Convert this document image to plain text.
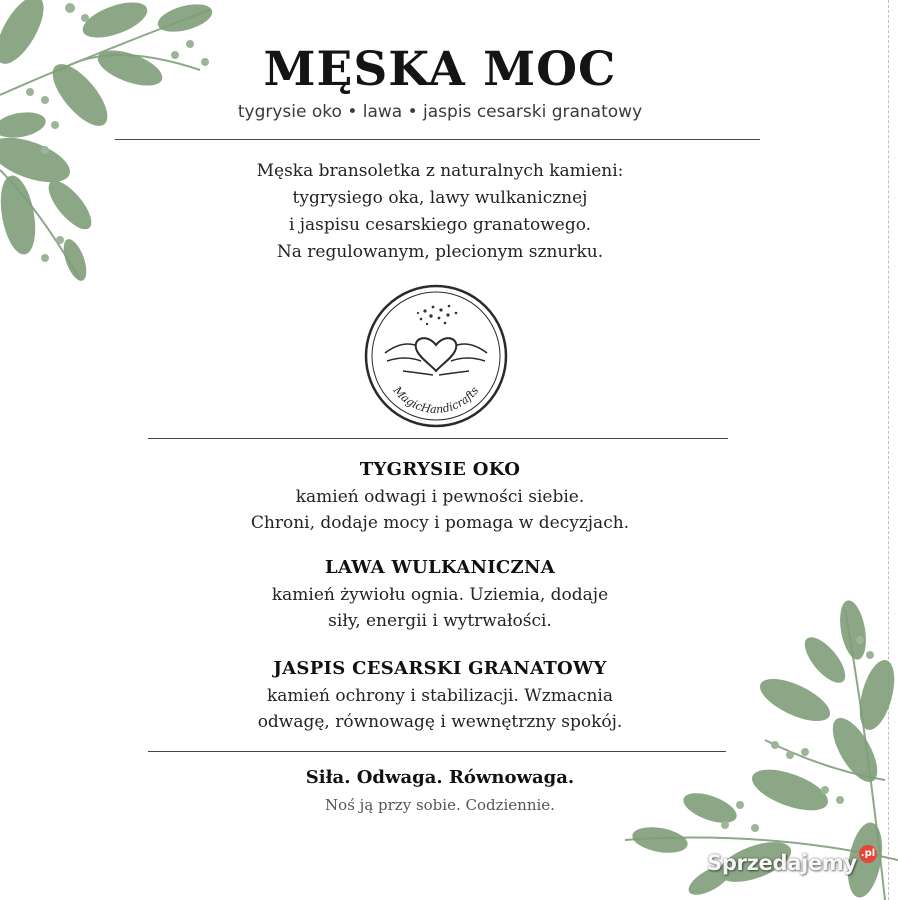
MĘSKA MOC
tygrysie oko • lawa • jaspis cesarski granatowy

Męska bransoletka z naturalnych kamieni:

tygrysiego oka, lawy wulkanicznej

i jaspisu cesarskiego granatowego.

Na regulowanym, plecionym sznurku.

MagicHandicrafts
TYGRYSIE OKO

kamień odwagi i pewności siebie.

Chroni, dodaje mocy i pomaga w decyzjach.

LAWA WULKANICZNA

kamień żywiołu ognia. Uziemia, dodaje

siły, energii i wytrwałości.

JASPIS CESARSKI GRANATOWY

kamień ochrony i stabilizacji. Wzmacnia

odwagę, równowagę i wewnętrzny spokój.

Siła. Odwaga. Równowaga.
Noś ją przy sobie. Codziennie.
Sprzedajemy .pl
